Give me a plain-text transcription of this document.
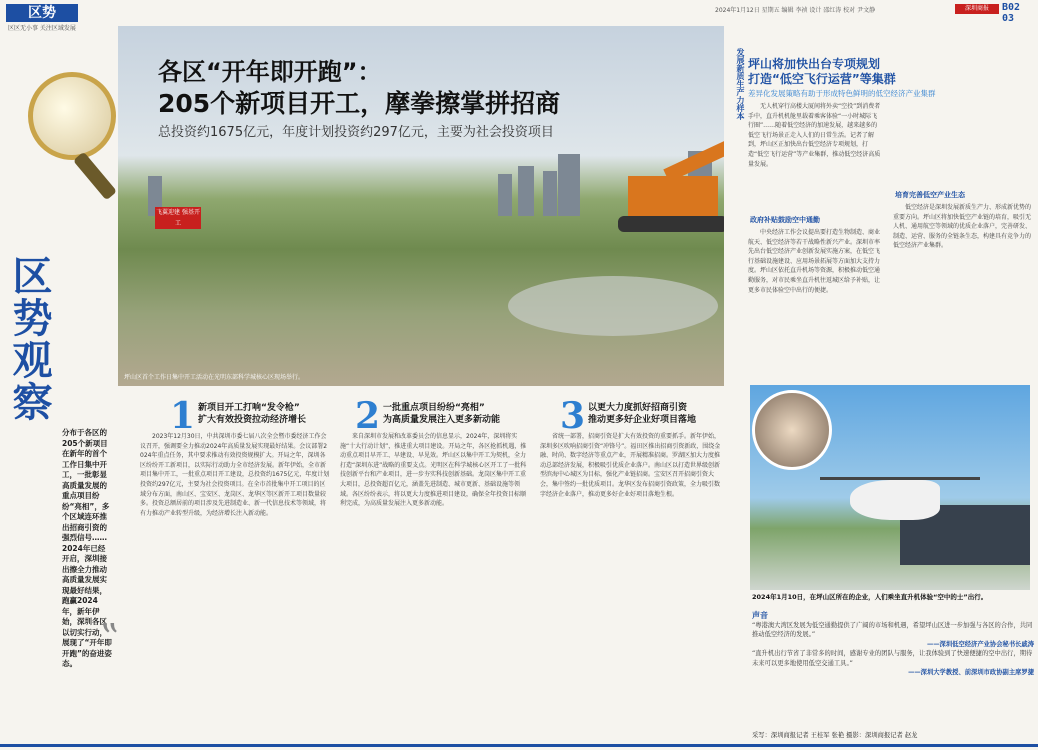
区势
区区无小事 关注区域发展
2024年1月12日 星期五 编辑 李祯 设计 邵红涛 校对 尹文静	深圳商报	B02 03
区势观察
分布于各区的205个新项目在新年的首个工作日集中开工，一批彰显高质量发展的重点项目纷纷“亮相”，多个区域连环推出招商引资的强烈信号……2024年已经开启，深圳接出擦全力推动高质量发展实现最好结果，跑赢2024年，新年伊始，深圳各区以切实行动，展现了“开年即开跑”的奋进姿态。
”
飞翼迎建 强基开工
各区“开年即开跑”：
205个新项目开工，摩拳擦掌拼招商
总投资约1675亿元，年度计划投资约297亿元，主要为社会投资项目
坪山区首个工作日集中开工活动在光明东部科学城核心区现场举行。
1 新项目开工打响“发令枪”
扩大有效投资拉动经济增长

2023年12月30日，中共深圳市委七届八次全会暨市委经济工作会议召开，强调要全力推动2024年高质量发展实现最好结果。会议部署2024年重点任务，其中要求推动有效投资规模扩大。开局之年，深圳各区纷纷开工新项目，以实际行动助力全市经济发展。新年伊始，全市新项目集中开工，一批重点项目开工建设，总投资约1675亿元，年度计划投资约297亿元，主要为社会投资项目。在全市首批集中开工项目的区域分布方面，南山区、宝安区、龙岗区、龙华区等区新开工项目数量较多。投资总额居前的项目涉及先进制造业、新一代信息技术等领域，将有力推动产业转型升级，为经济增长注入新动能。

2 一批重点项目纷纷“亮相”
为高质量发展注入更多新动能

来自深圳市发展和改革委员会的信息显示，2024年，深圳将实施“十大行动计划”，推进重大项目建设。开局之年，各区抢抓机遇，推动重点项目早开工、早建设、早见效。坪山区以集中开工为契机，全力打造“深圳东进”战略的重要支点。光明区在科学城核心区开工了一批科技创新平台和产业项目，进一步夯实科技创新基础。龙岗区集中开工重大项目，总投资超百亿元，涵盖先进制造、城市更新、基础设施等领域。各区纷纷表示，将以更大力度推进项目建设，确保全年投资目标顺利完成，为高质量发展注入更多新动能。

3 以更大力度抓好招商引资
推动更多好企业好项目落地

省统一部署，招商引资是扩大有效投资的重要抓手。新年伊始，深圳多区吹响招商引资“冲锋号”。福田区推出招商引资新政，围绕金融、时尚、数字经济等重点产业，开展精准招商。罗湖区加大力度推动总部经济发展，积极吸引优质企业落户。南山区以打造世界级创新型滨海中心城区为目标，强化产业链招商。宝安区召开招商引资大会，集中签约一批优质项目。龙华区发布招商引资政策，全力吸引数字经济企业落户，推动更多好企业好项目落地生根。

发展新质生产力样本 坪山将加快出台专项规划
打造“低空飞行运营”等集群
差异化发展策略有助于形成特色鲜明的低空经济产业集群

无人机穿行高楼大厦间将外卖“空投”到消费者手中，直升机机舱里载着乘客体验“一小时城际飞行圈”……随着低空经济的加速发展，越来越多的低空飞行场景正走入人们的日常生活。记者了解到，坪山区正加快出台低空经济专项规划，打造“低空飞行运营”等产业集群，推动低空经济高质量发展。

政府补贴鼓励空中通勤

中央经济工作会议提出要打造生物制造、商业航天、低空经济等若干战略性新兴产业。深圳市率先出台低空经济产业创新发展实施方案，在低空飞行基础设施建设、应用场景拓展等方面加大支持力度。坪山区依托直升机场等资源，积极推动低空通勤服务，对市民乘坐直升机往返城区给予补贴，让更多市民体验空中出行的便捷。

培育完善低空产业生态

低空经济是深圳发展新质生产力、形成新优势的重要方向。坪山区将加快低空产业链的培育，吸引无人机、通用航空等领域的优质企业落户，完善研发、制造、运营、服务的全链条生态，构建具有竞争力的低空经济产业集群。

2024年1月10日，在坪山区所在的企业，人们乘坐直升机体验“空中的士”出行。
声音
“粤港澳大湾区发展为低空通勤提供了广阔的市场和机遇，希望坪山区进一步加强与各区的合作，共同推动低空经济的发展。”
——深圳低空经济产业协会秘书长戚涛
“直升机出行节省了非常多的时间，感谢专业的团队与服务，让我体验到了快速便捷的空中出行，期待未来可以更多地使用低空交通工具。”
——深圳大学教授、前深圳市政协副主席罗捷
采写：深圳商报记者 王桂军 张艳 摄影：深圳商报记者 赵龙
